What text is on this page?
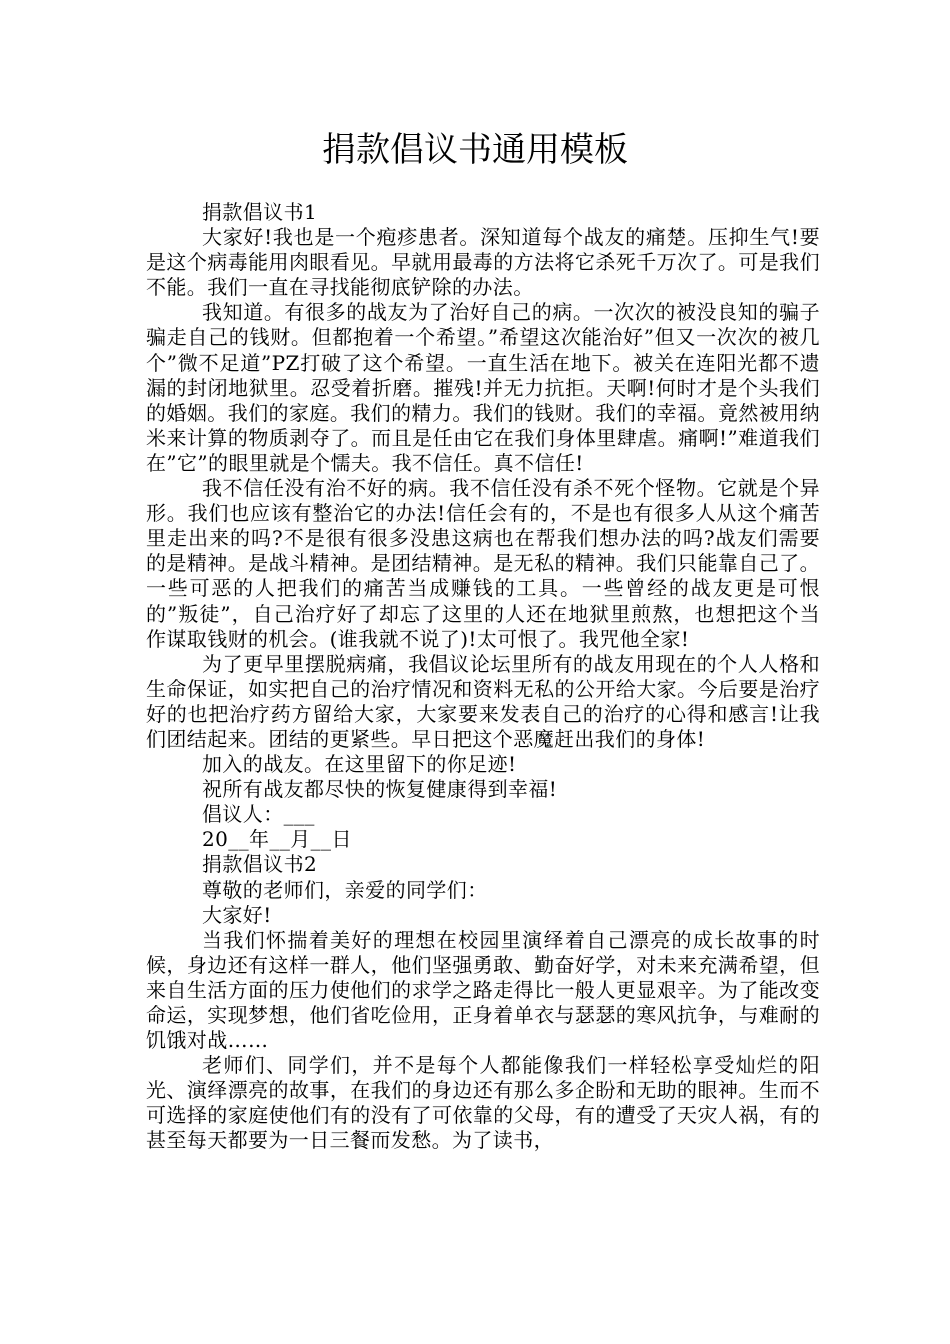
捐款倡议书通用模板

捐款倡议书1

大家好!我也是一个疱疹患者。深知道每个战友的痛楚。压抑生气!要是这个病毒能用肉眼看见。早就用最毒的方法将它杀死千万次了。可是我们不能。我们一直在寻找能彻底铲除的办法。

我知道。有很多的战友为了治好自己的病。一次次的被没良知的骗子骗走自己的钱财。但都抱着一个希望。”希望这次能治好”但又一次次的被几个”微不足道”PZ打破了这个希望。一直生活在地下。被关在连阳光都不遗漏的封闭地狱里。忍受着折磨。摧残!并无力抗拒。天啊!何时才是个头我们的婚姻。我们的家庭。我们的精力。我们的钱财。我们的幸福。竟然被用纳米来计算的物质剥夺了。而且是任由它在我们身体里肆虐。痛啊!”难道我们在”它”的眼里就是个懦夫。我不信任。真不信任!

我不信任没有治不好的病。我不信任没有杀不死个怪物。它就是个异形。我们也应该有整治它的办法!信任会有的，不是也有很多人从这个痛苦里走出来的吗?不是很有很多没患这病也在帮我们想办法的吗?战友们需要的是精神。是战斗精神。是团结精神。是无私的精神。我们只能靠自己了。一些可恶的人把我们的痛苦当成赚钱的工具。一些曾经的战友更是可恨的”叛徒”，自己治疗好了却忘了这里的人还在地狱里煎熬，也想把这个当作谋取钱财的机会。(谁我就不说了)!太可恨了。我咒他全家!

为了更早里摆脱病痛，我倡议论坛里所有的战友用现在的个人人格和生命保证，如实把自己的治疗情况和资料无私的公开给大家。今后要是治疗好的也把治疗药方留给大家，大家要来发表自己的治疗的心得和感言!让我们团结起来。团结的更紧些。早日把这个恶魔赶出我们的身体!

加入的战友。在这里留下的你足迹!

祝所有战友都尽快的恢复健康得到幸福!

倡议人：___

20__年__月__日

捐款倡议书2

尊敬的老师们，亲爱的同学们：

大家好!

当我们怀揣着美好的理想在校园里演绎着自己漂亮的成长故事的时候，身边还有这样一群人，他们坚强勇敢、勤奋好学，对未来充满希望，但来自生活方面的压力使他们的求学之路走得比一般人更显艰辛。为了能改变命运，实现梦想，他们省吃俭用，正身着单衣与瑟瑟的寒风抗争，与难耐的饥饿对战……

老师们、同学们，并不是每个人都能像我们一样轻松享受灿烂的阳光、演绎漂亮的故事，在我们的身边还有那么多企盼和无助的眼神。生而不可选择的家庭使他们有的没有了可依靠的父母，有的遭受了天灾人祸，有的甚至每天都要为一日三餐而发愁。为了读书，
